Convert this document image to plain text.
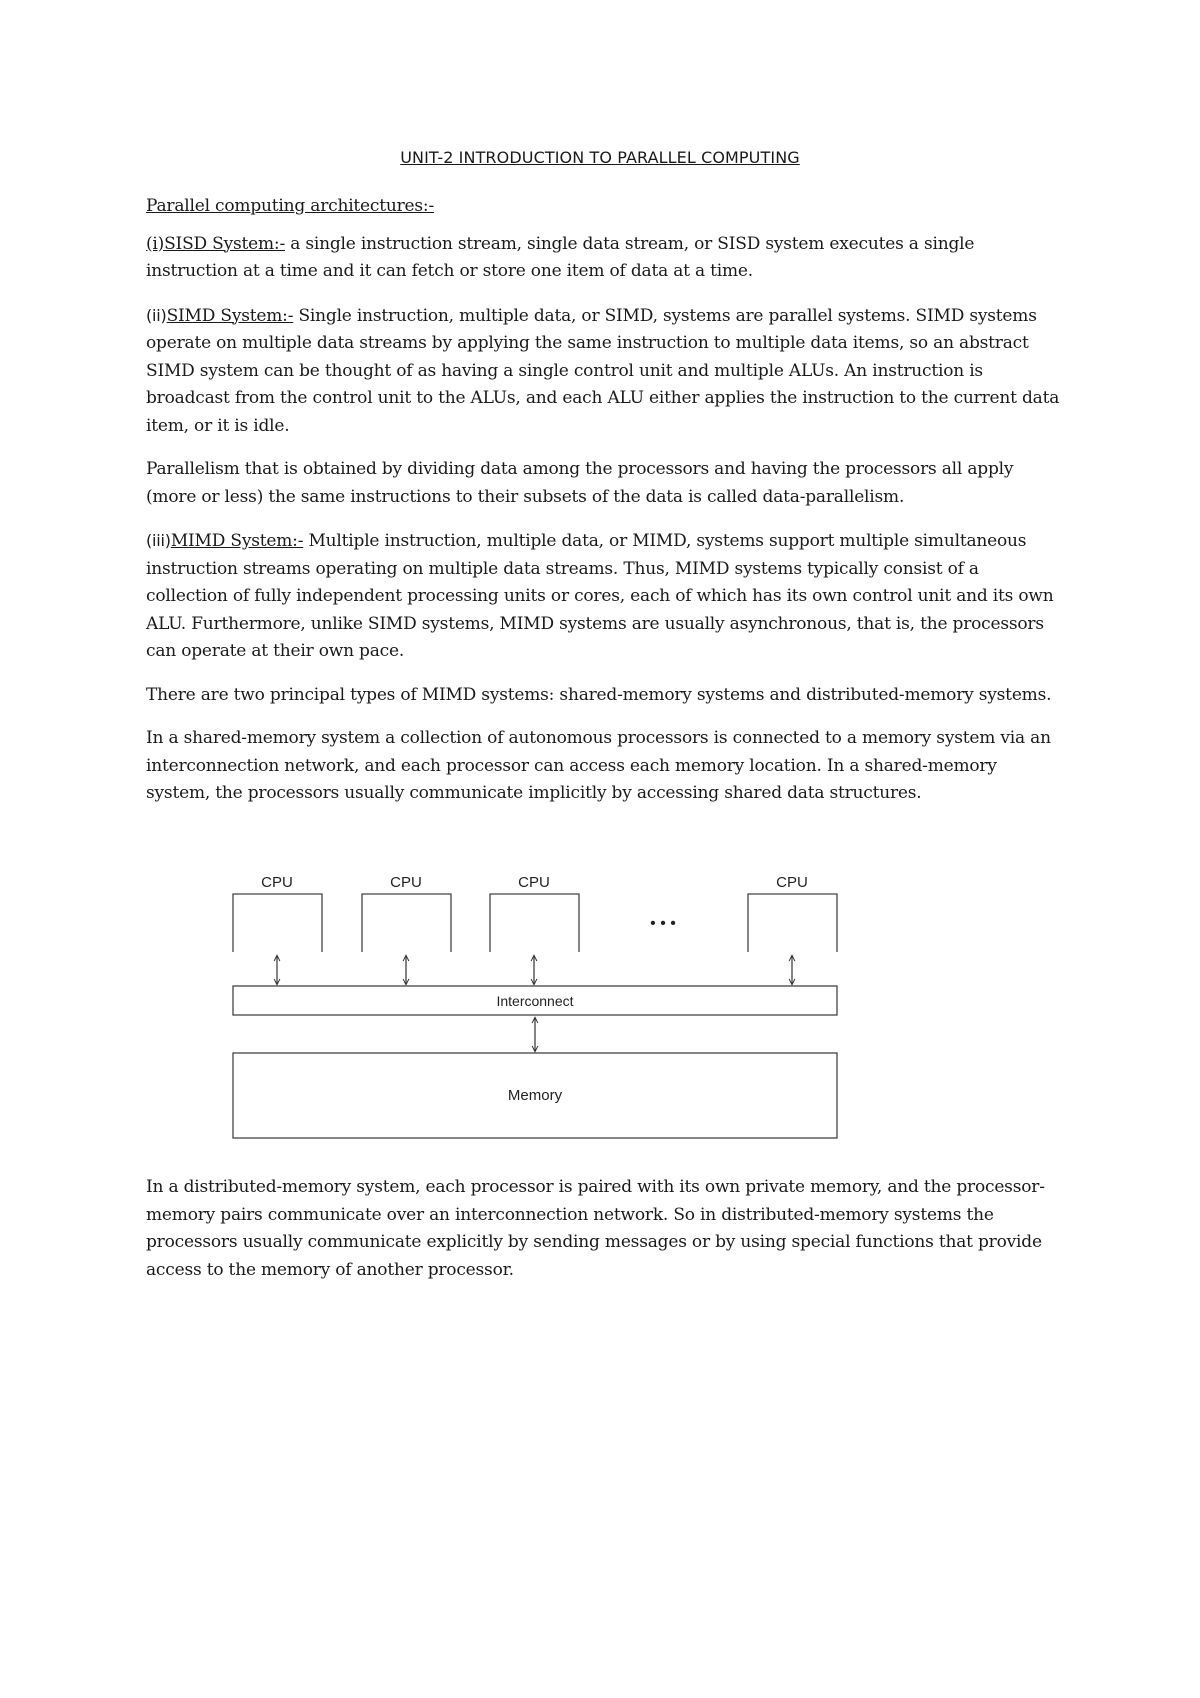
UNIT-2 INTRODUCTION TO PARALLEL COMPUTING

Parallel computing architectures:-

(i)SISD System:- a single instruction stream, single data stream, or SISD system executes a single instruction at a time and it can fetch or store one item of data at a time.

(ii)SIMD System:- Single instruction, multiple data, or SIMD, systems are parallel systems. SIMD systems operate on multiple data streams by applying the same instruction to multiple data items, so an abstract SIMD system can be thought of as having a single control unit and multiple ALUs. An instruction is broadcast from the control unit to the ALUs, and each ALU either applies the instruction to the current data item, or it is idle.

Parallelism that is obtained by dividing data among the processors and having the processors all apply (more or less) the same instructions to their subsets of the data is called data-parallelism.

(iii)MIMD System:- Multiple instruction, multiple data, or MIMD, systems support multiple simultaneous instruction streams operating on multiple data streams. Thus, MIMD systems typically consist of a collection of fully independent processing units or cores, each of which has its own control unit and its own ALU. Furthermore, unlike SIMD systems, MIMD systems are usually asynchronous, that is, the processors can operate at their own pace.

There are two principal types of MIMD systems: shared-memory systems and distributed-memory systems.

In a shared-memory system a collection of autonomous processors is connected to a memory system via an interconnection network, and each processor can access each memory location. In a shared-memory system, the processors usually communicate implicitly by accessing shared data structures.

CPU	CPU	CPU	CPU
• • •
Interconnect
Memory

In a distributed-memory system, each processor is paired with its own private memory, and the processor-memory pairs communicate over an interconnection network. So in distributed-memory systems the processors usually communicate explicitly by sending messages or by using special functions that provide access to the memory of another processor.
